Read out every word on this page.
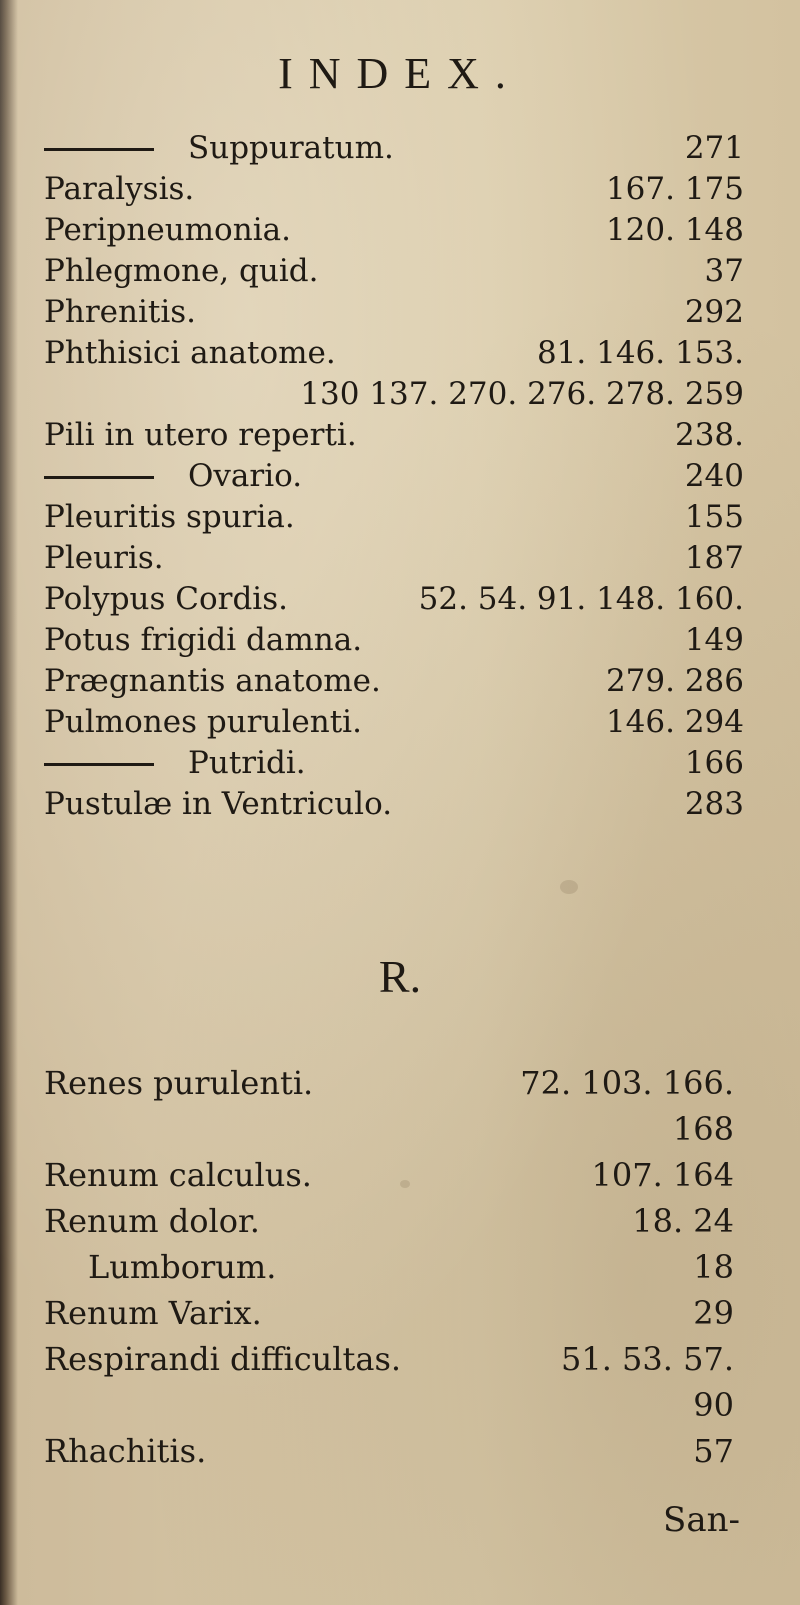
INDEX.
Suppuratum.	271
Paralysis.	167. 175
Peripneumonia.	120. 148
Phlegmone, quid.	37
Phrenitis.	292
Phthisici anatome.	81. 146. 153.
130 137. 270. 276. 278. 259
Pili in utero reperti.	238.
Ovario.	240
Pleuritis spuria.	155
Pleuris.	187
Polypus Cordis.	52. 54. 91. 148. 160.
Potus frigidi damna.	149
Prægnantis anatome.	279. 286
Pulmones purulenti.	146. 294
Putridi.	166
Pustulæ in Ventriculo.	283
R.
Renes purulenti.	72. 103. 166.
168
Renum calculus.	107. 164
Renum dolor.	18. 24
Lumborum.	18
Renum Varix.	29
Respirandi difficultas.	51. 53. 57.
90
Rhachitis.	57
San-
